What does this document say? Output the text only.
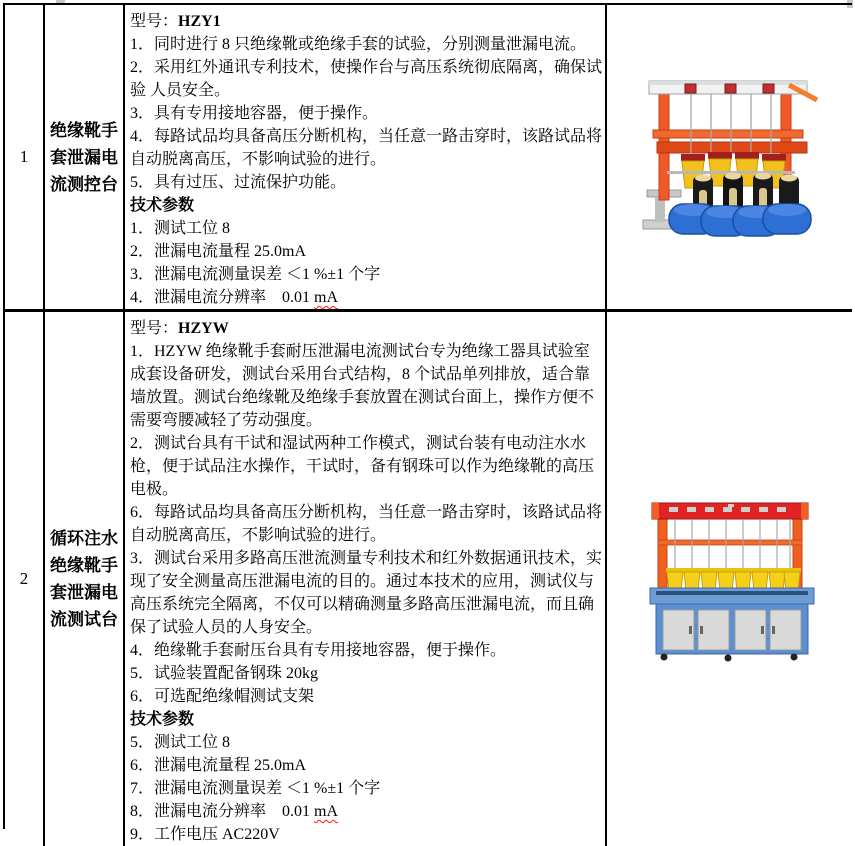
1
绝缘靴手套泄漏电流测控台
型号：HZY1
1．同时进行 8 只绝缘靴或绝缘手套的试验，分别测量泄漏电流。
2．采用红外通讯专利技术，使操作台与高压系统彻底隔离，确保试验 人员安全。
3．具有专用接地容器，便于操作。
4．每路试品均具备高压分断机构，当任意一路击穿时，该路试品将自动脱离高压，不影响试验的进行。
5．具有过压、过流保护功能。
技术参数
1．测试工位 8
2．泄漏电流量程 25.0mA
3．泄漏电流测量误差 ＜1 %±1 个字
4．泄漏电流分辨率    0.01 mA
2
循环注水绝缘靴手套泄漏电流测试台
型号：HZYW
1．HZYW 绝缘靴手套耐压泄漏电流测试台专为绝缘工器具试验室成套设备研发，测试台采用台式结构，8 个试品单列排放，适合靠墙放置。测试台绝缘靴及绝缘手套放置在测试台面上，操作方便不需要弯腰减轻了劳动强度。
2．测试台具有干试和湿试两种工作模式，测试台装有电动注水水枪，便于试品注水操作，干试时，备有钢珠可以作为绝缘靴的高压电极。
6．每路试品均具备高压分断机构，当任意一路击穿时，该路试品将自动脱离高压，不影响试验的进行。
3．测试台采用多路高压泄流测量专利技术和红外数据通讯技术，实现了安全测量高压泄漏电流的目的。通过本技术的应用，测试仪与高压系统完全隔离，不仅可以精确测量多路高压泄漏电流，而且确保了试验人员的人身安全。
4．绝缘靴手套耐压台具有专用接地容器，便于操作。
5．试验装置配备钢珠 20kg
6．可选配绝缘帽测试支架
技术参数
5．测试工位 8
6．泄漏电流量程 25.0mA
7．泄漏电流测量误差 ＜1 %±1 个字
8．泄漏电流分辨率    0.01 mA
9．工作电压 AC220V
